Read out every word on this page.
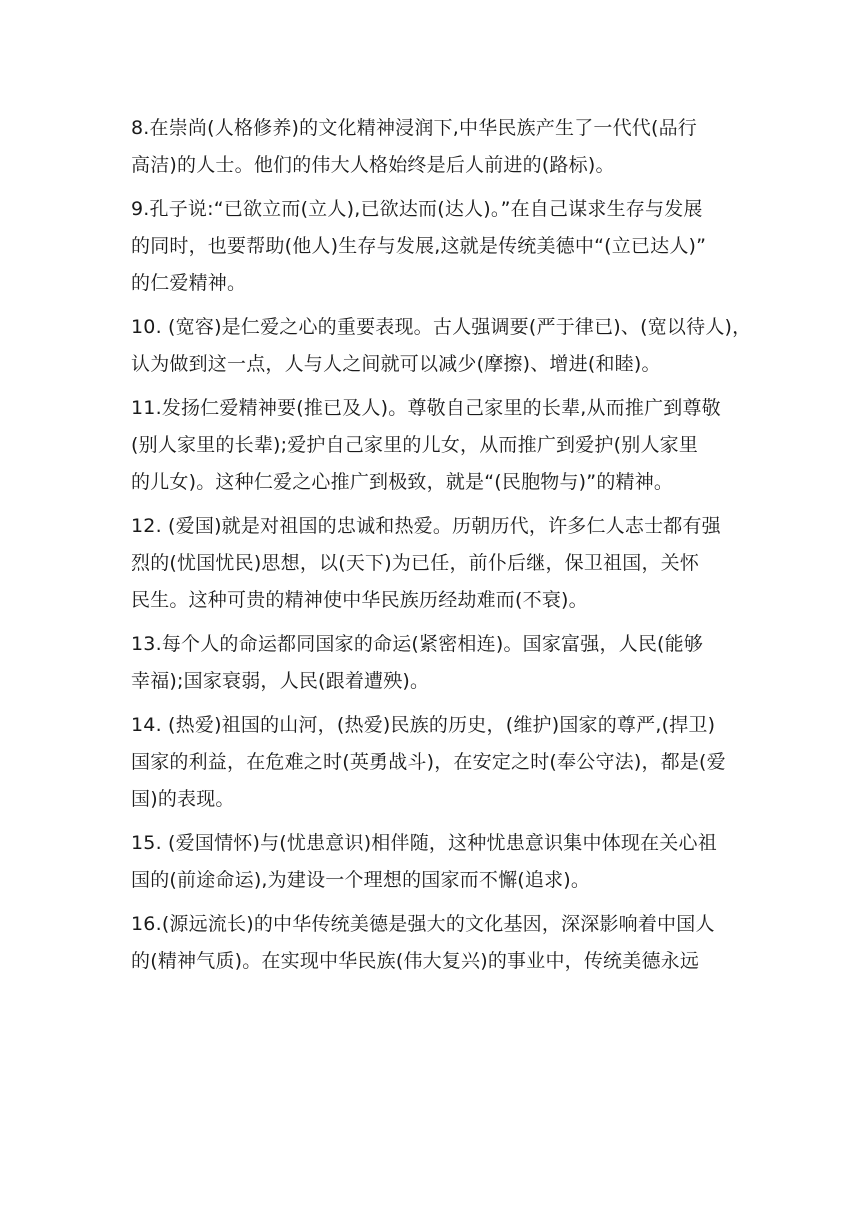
8.在崇尚(人格修养)的文化精神浸润下,中华民族产生了一代代(品行
高洁)的人士。他们的伟大人格始终是后人前进的(路标)。

9.孔子说:“已欲立而(立人),已欲达而(达人)。”在自己谋求生存与发展
的同时，也要帮助(他人)生存与发展,这就是传统美德中“(立已达人)”
的仁爱精神。

10. (宽容)是仁爱之心的重要表现。古人强调要(严于律已)、(宽以待人)，
认为做到这一点，人与人之间就可以减少(摩擦)、增进(和睦)。

11.发扬仁爱精神要(推已及人)。尊敬自己家里的长辈,从而推广到尊敬
(别人家里的长辈);爱护自己家里的儿女，从而推广到爱护(别人家里
的儿女)。这种仁爱之心推广到极致，就是“(民胞物与)”的精神。

12. (爱国)就是对祖国的忠诚和热爱。历朝历代，许多仁人志士都有强
烈的(忧国忧民)思想，以(天下)为已任，前仆后继，保卫祖国，关怀
民生。这种可贵的精神使中华民族历经劫难而(不衰)。

13.每个人的命运都同国家的命运(紧密相连)。国家富强，人民(能够
幸福);国家衰弱，人民(跟着遭殃)。

14. (热爱)祖国的山河，(热爱)民族的历史，(维护)国家的尊严,(捍卫)
国家的利益，在危难之时(英勇战斗)，在安定之时(奉公守法)，都是(爱
国)的表现。

15. (爱国情怀)与(忧患意识)相伴随，这种忧患意识集中体现在关心祖
国的(前途命运),为建设一个理想的国家而不懈(追求)。

16.(源远流长)的中华传统美德是强大的文化基因，深深影响着中国人
的(精神气质)。在实现中华民族(伟大复兴)的事业中，传统美德永远
